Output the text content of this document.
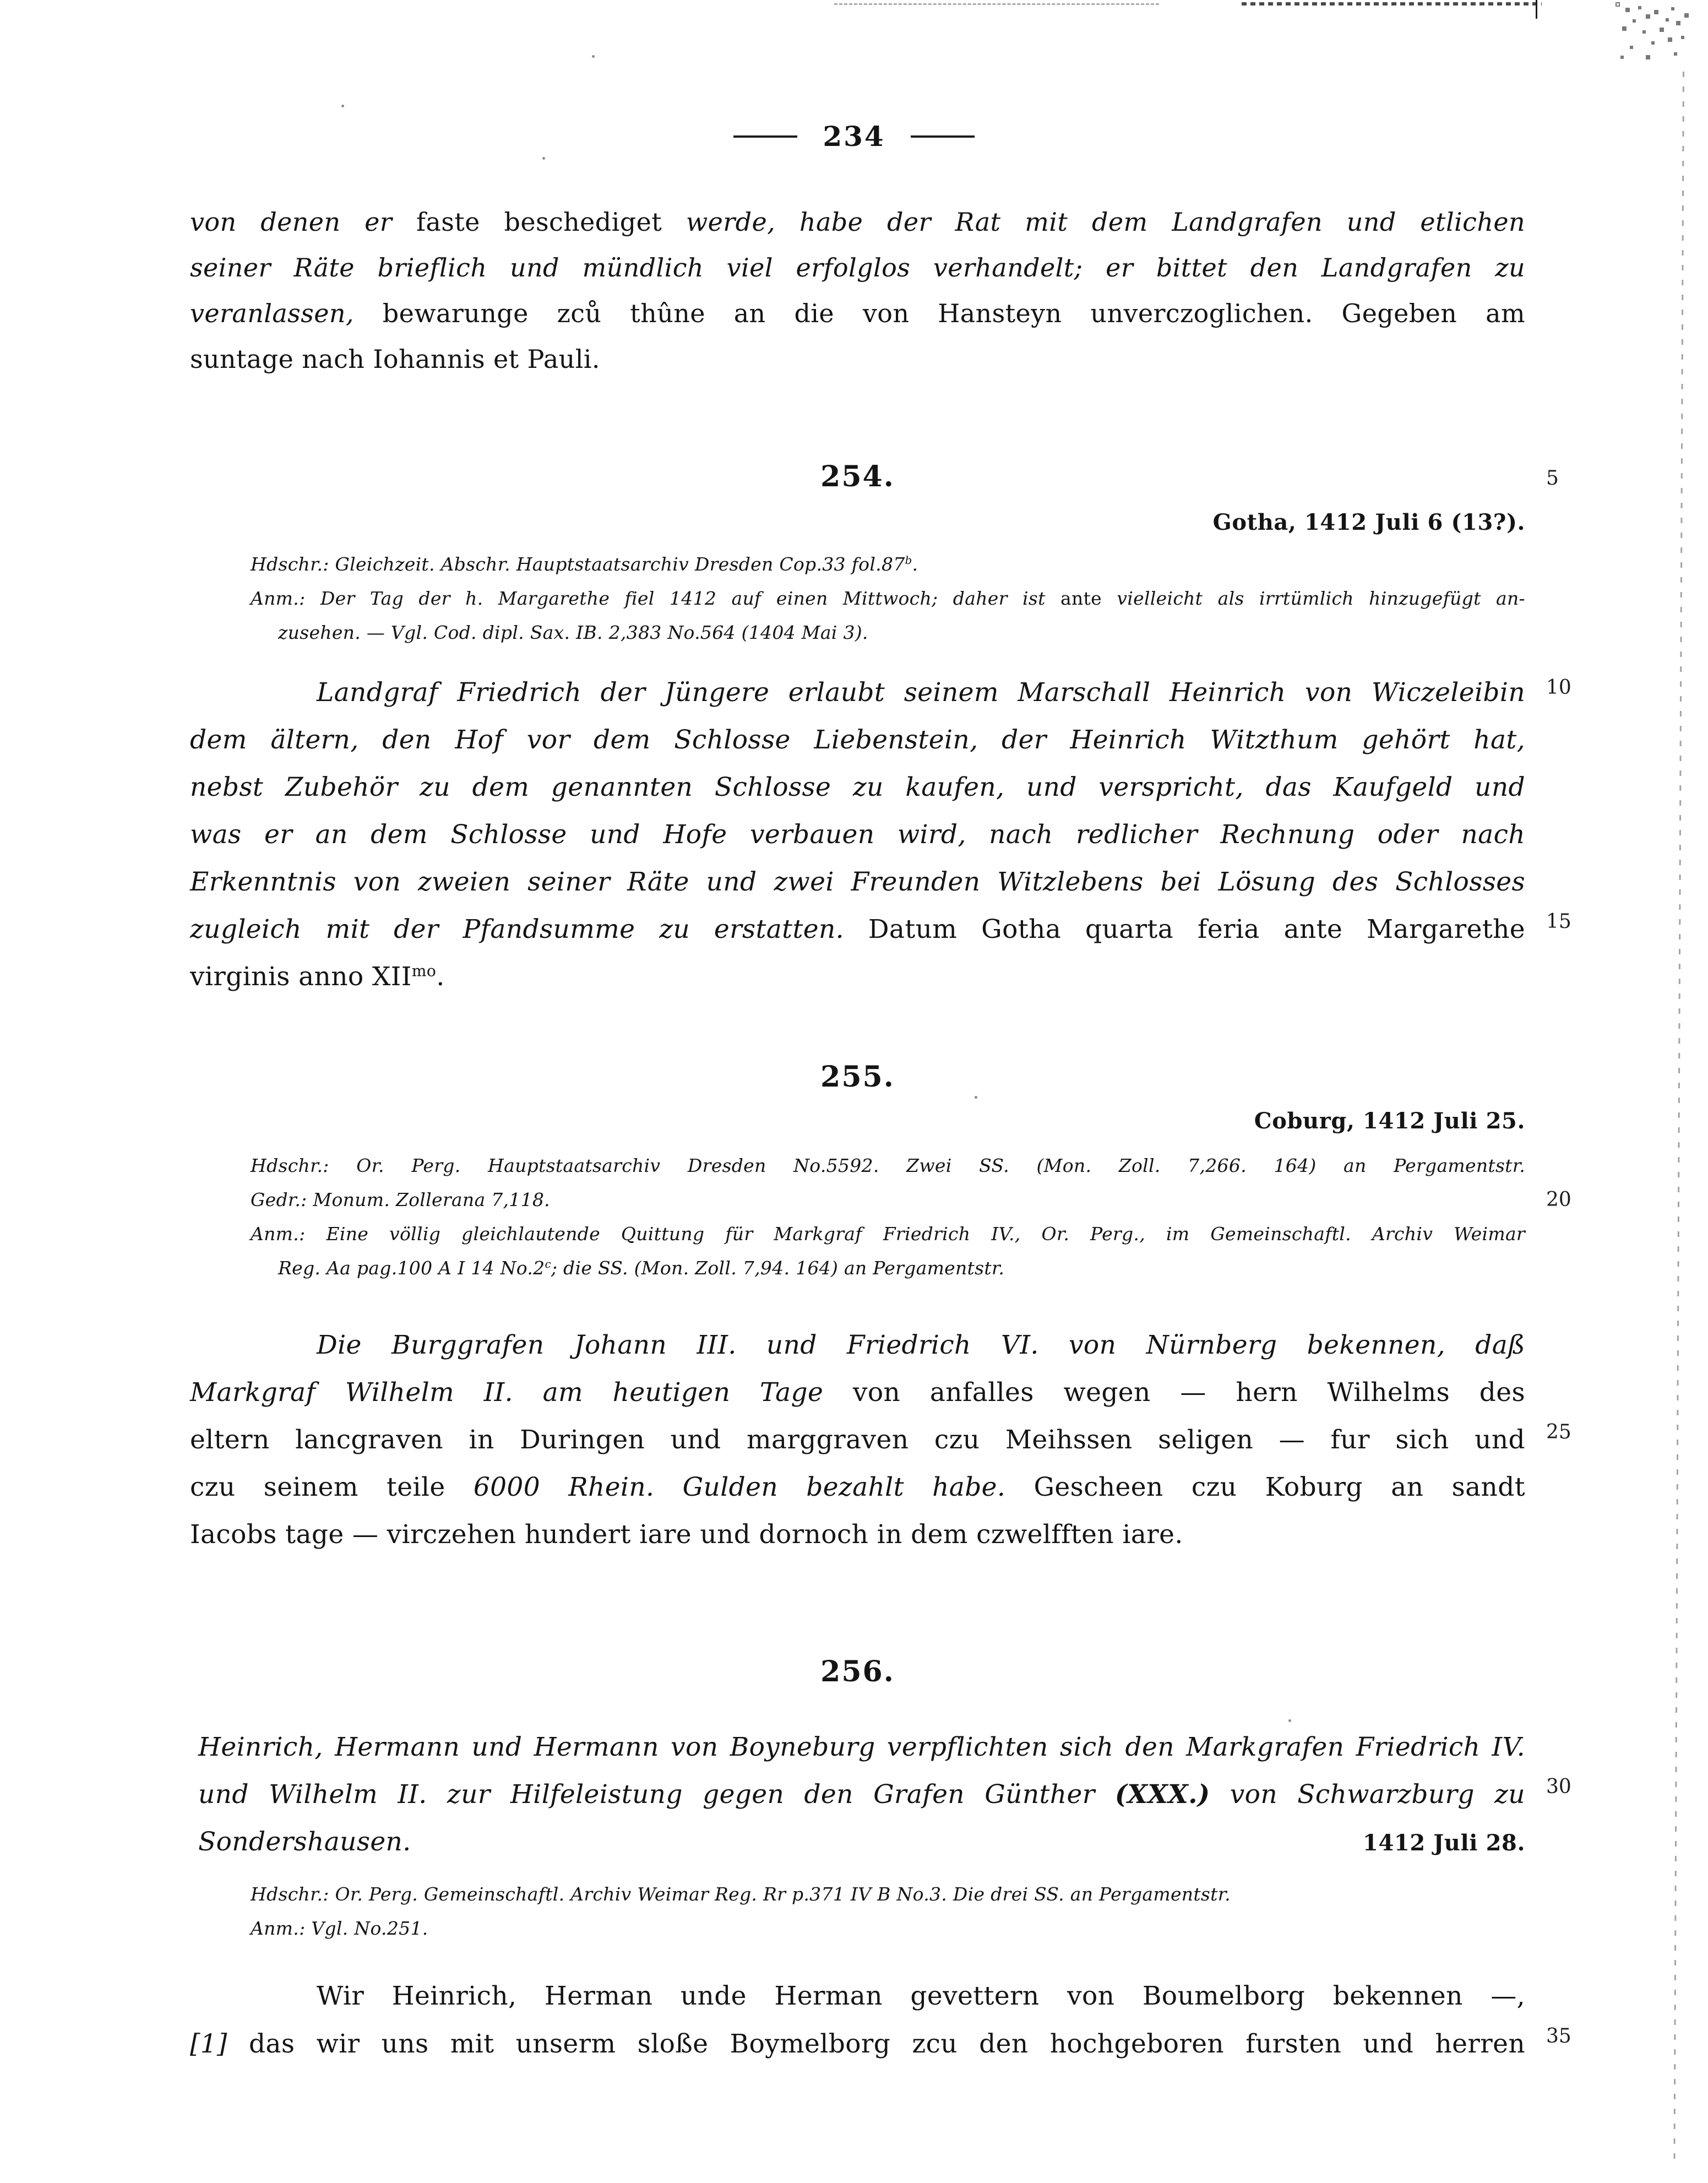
234
von denen er faste beschediget werde, habe der Rat mit dem Landgrafen und etlichen
seiner Räte brieflich und mündlich viel erfolglos verhandelt; er bittet den Landgrafen zu
veranlassen, bewarunge zců thûne an die von Hansteyn unverczoglichen. Gegeben am
suntage nach Iohannis et Pauli.
254.	5
Gotha, 1412 Juli 6 (13?).
Hdschr.: Gleichzeit. Abschr. Hauptstaatsarchiv Dresden Cop.33 fol.87$^b$.
Anm.: Der Tag der h. Margarethe fiel 1412 auf einen Mittwoch; daher ist ante vielleicht als irrtümlich hinzugefügt an-
zusehen. — Vgl. Cod. dipl. Sax. IB. 2,383 No.564 (1404 Mai 3).
Landgraf Friedrich der Jüngere erlaubt seinem Marschall Heinrich von Wiczeleibin 10
dem ältern, den Hof vor dem Schlosse Liebenstein, der Heinrich Witzthum gehört hat,
nebst Zubehör zu dem genannten Schlosse zu kaufen, und verspricht, das Kaufgeld und
was er an dem Schlosse und Hofe verbauen wird, nach redlicher Rechnung oder nach
Erkenntnis von zweien seiner Räte und zwei Freunden Witzlebens bei Lösung des Schlosses
zugleich mit der Pfandsumme zu erstatten. Datum Gotha quarta feria ante Margarethe 15
virginis anno $XII^{mo}$.
255.
Coburg, 1412 Juli 25.
Hdschr.: Or. Perg. Hauptstaatsarchiv Dresden No.5592. Zwei SS. (Mon. Zoll. 7,266. 164) an Pergamentstr.
Gedr.: Monum. Zollerana 7,118.	20
Anm.: Eine völlig gleichlautende Quittung für Markgraf Friedrich IV., Or. Perg., im Gemeinschaftl. Archiv Weimar
Reg. Aa pag.100 A I 14 No.2$^c$; die SS. (Mon. Zoll. 7,94. 164) an Pergamentstr.
Die Burggrafen Johann III. und Friedrich VI. von Nürnberg bekennen, daß
Markgraf Wilhelm II. am heutigen Tage von anfalles wegen — hern Wilhelms des
eltern lancgraven in Duringen und marggraven czu Meihssen seligen — fur sich und 25
czu seinem teile 6000 Rhein. Gulden bezahlt habe. Gescheen czu Koburg an sandt
Iacobs tage — virczehen hundert iare und dornoch in dem czwelfften iare.
256.
Heinrich, Hermann und Hermann von Boyneburg verpflichten sich den Markgrafen Friedrich IV.
und Wilhelm II. zur Hilfeleistung gegen den Grafen Günther (XXX.) von Schwarzburg zu 30
Sondershausen.	1412 Juli 28.
Hdschr.: Or. Perg. Gemeinschaftl. Archiv Weimar Reg. Rr p.371 IV B No.3. Die drei SS. an Pergamentstr.
Anm.: Vgl. No.251.
Wir Heinrich, Herman unde Herman gevettern von Boumelborg bekennen —,
[1] das wir uns mit unserm sloße Boymelborg zcu den hochgeboren fursten und herren 35
